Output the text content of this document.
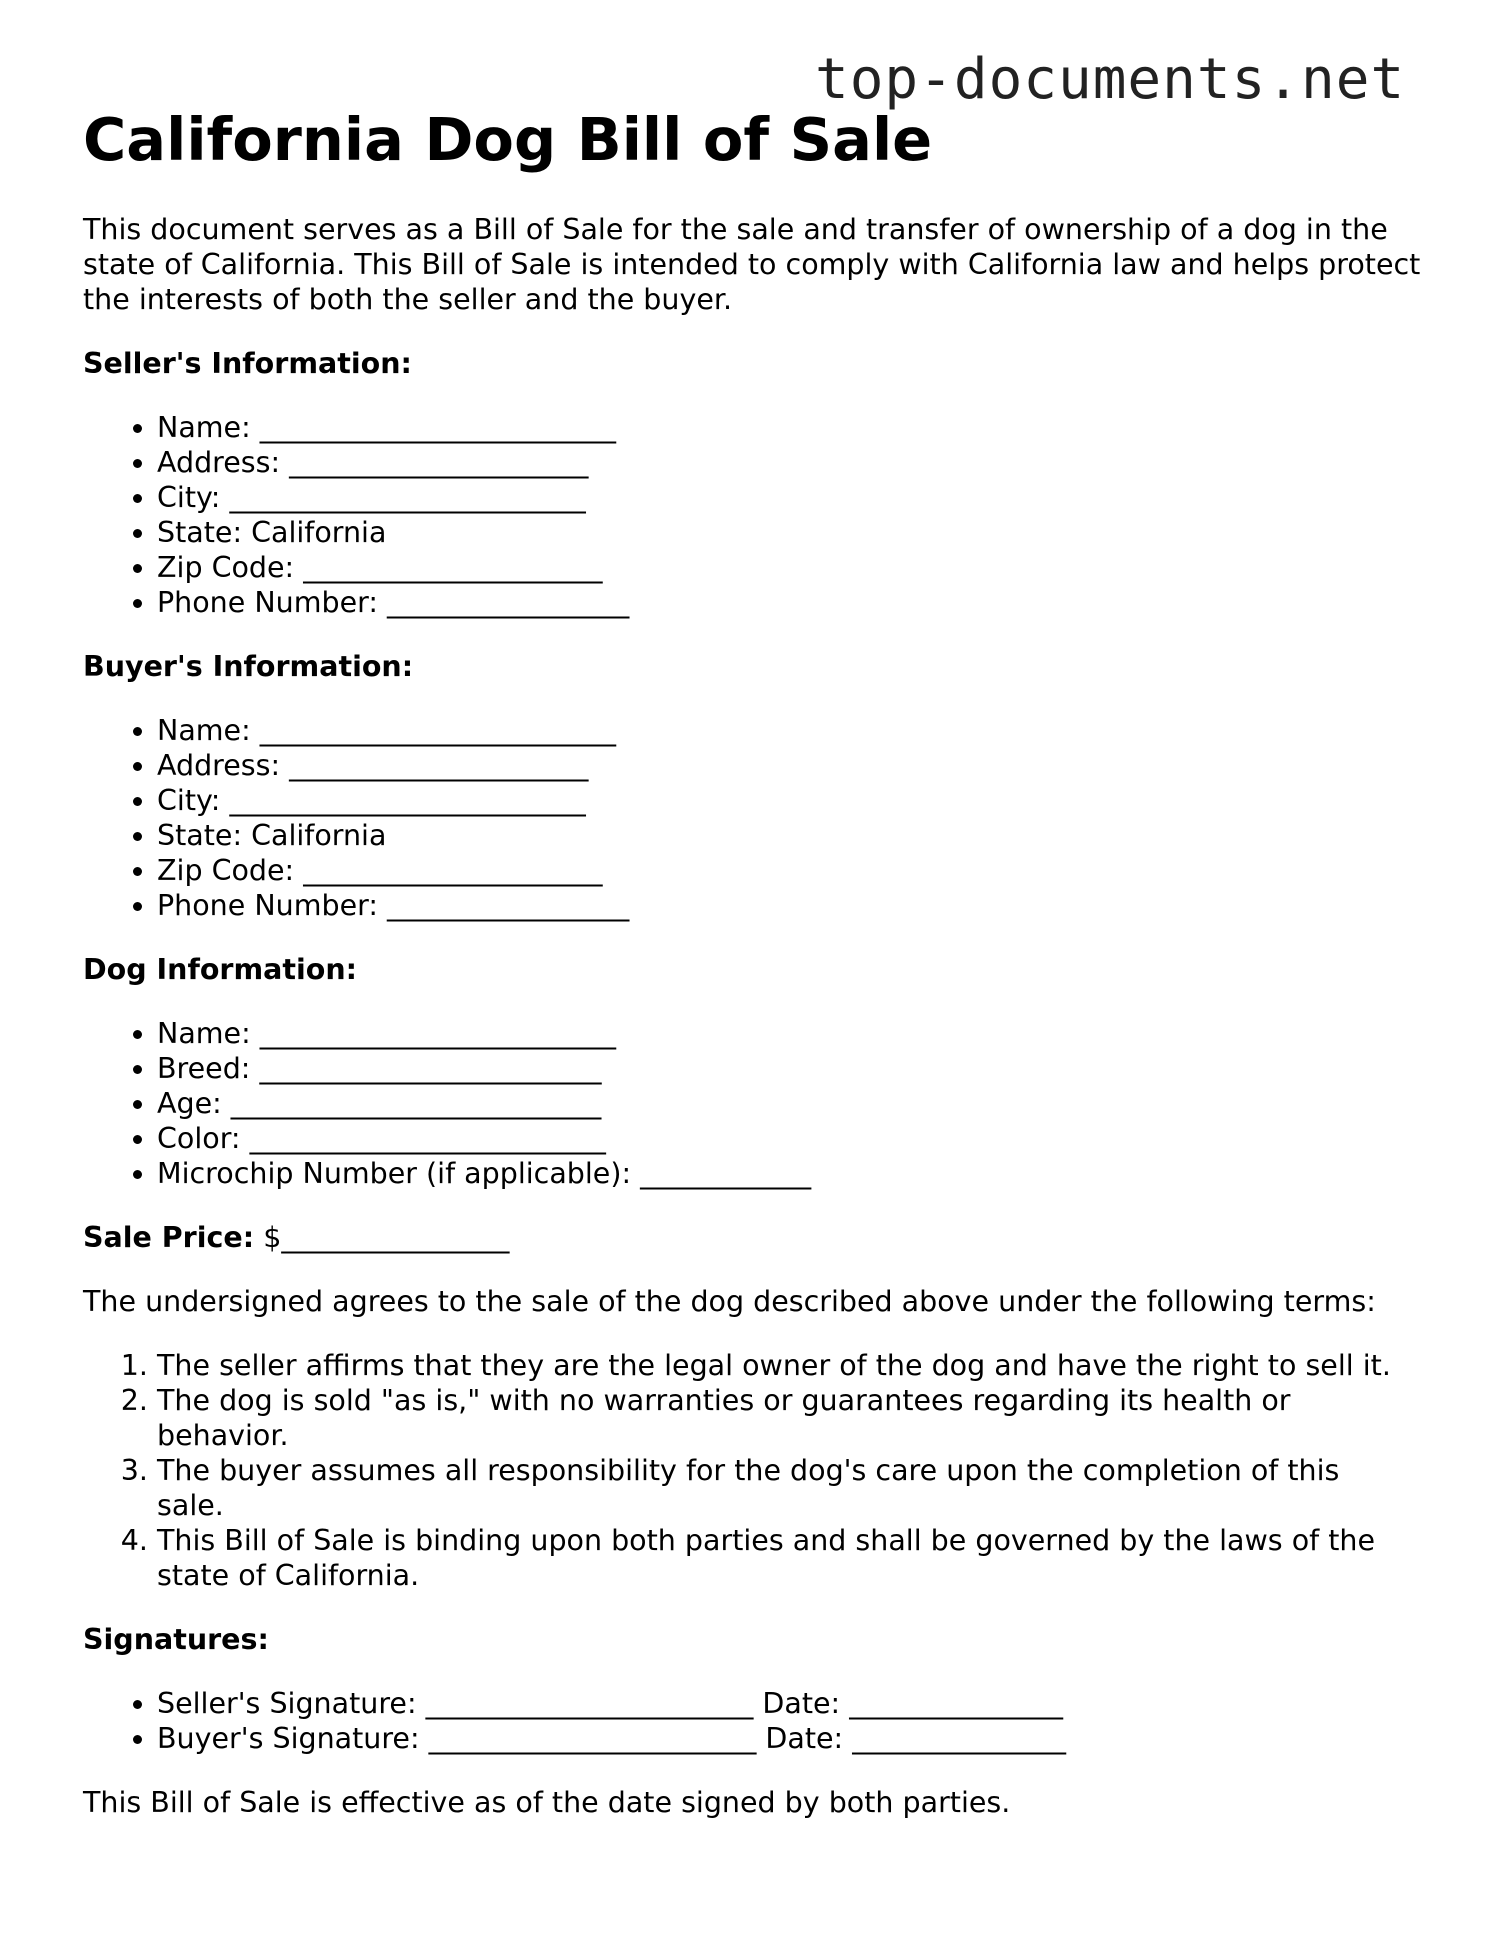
top-documents.net
California Dog Bill of Sale

This document serves as a Bill of Sale for the sale and transfer of ownership of a dog in the state of California. This Bill of Sale is intended to comply with California law and helps protect the interests of both the seller and the buyer.

Seller's Information:
• Name: _________________________
• Address: _____________________
• City: _________________________
• State: California
• Zip Code: _____________________
• Phone Number: _________________
Buyer's Information:
• Name: _________________________
• Address: _____________________
• City: _________________________
• State: California
• Zip Code: _____________________
• Phone Number: _________________
Dog Information:
• Name: _________________________
• Breed: ________________________
• Age: __________________________
• Color: _________________________
• Microchip Number (if applicable): ____________

Sale Price: $________________

The undersigned agrees to the sale of the dog described above under the following terms:

1. The seller affirms that they are the legal owner of the dog and have the right to sell it.
2. The dog is sold "as is," with no warranties or guarantees regarding its health or behavior.
3. The buyer assumes all responsibility for the dog's care upon the completion of this sale.
4. This Bill of Sale is binding upon both parties and shall be governed by the laws of the state of California.
Signatures:
• Seller's Signature: _______________________ Date: _______________
• Buyer's Signature: _______________________ Date: _______________

This Bill of Sale is effective as of the date signed by both parties.
